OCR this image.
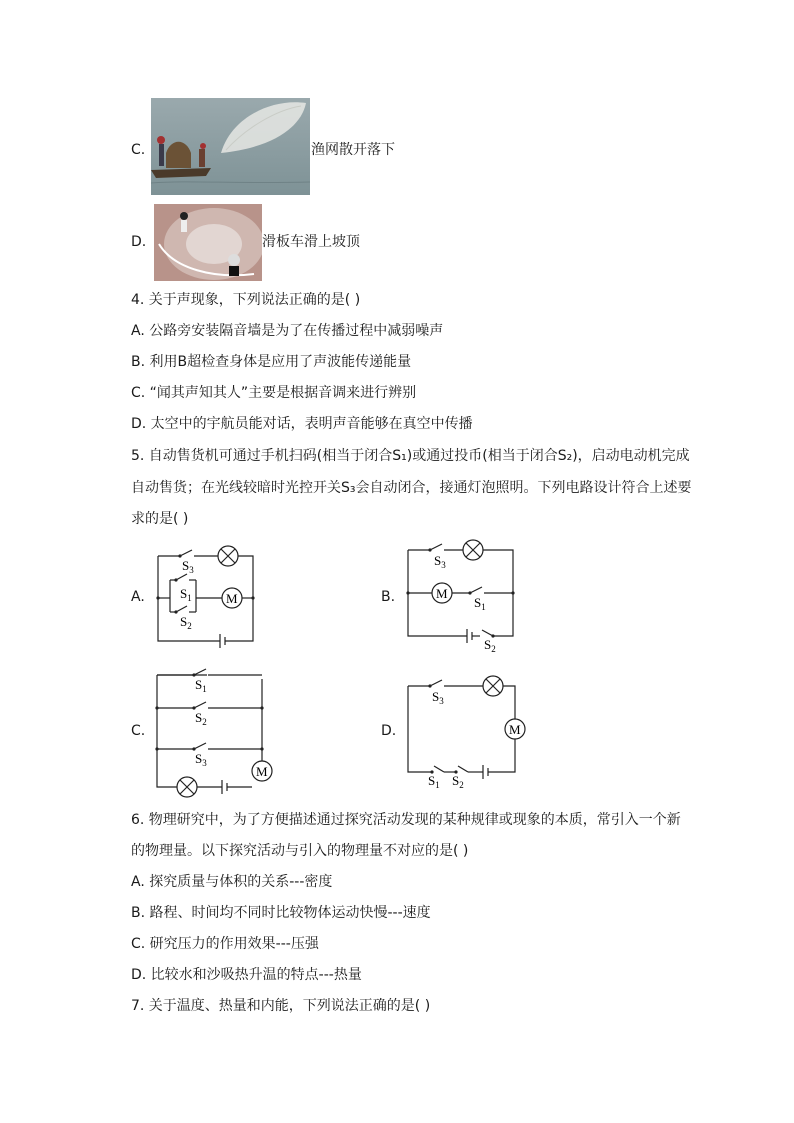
C.	渔网散开落下
D.	滑板车滑上坡顶
4. 关于声现象，下列说法正确的是( )
A. 公路旁安装隔音墙是为了在传播过程中减弱噪声
B. 利用B超检查身体是应用了声波能传递能量
C. “闻其声知其人”主要是根据音调来进行辨别
D. 太空中的宇航员能对话，表明声音能够在真空中传播
5. 自动售货机可通过手机扫码(相当于闭合S₁)或通过投币(相当于闭合S₂)，启动电动机完成
自动售货；在光线较暗时光控开关S₃会自动闭合，接通灯泡照明。下列电路设计符合上述要
求的是( )
A.	B.
C.	D.
$S_3$
$S_1$
$S_2$
M
$S_3$
M
$S_1$
$S_2$
$S_1$
$S_2$
$S_3$
M
$S_3$
M
$S_1$ $S_2$
6. 物理研究中，为了方便描述通过探究活动发现的某种规律或现象的本质，常引入一个新
的物理量。以下探究活动与引入的物理量不对应的是( )
A. 探究质量与体积的关系---密度
B. 路程、时间均不同时比较物体运动快慢---速度
C. 研究压力的作用效果---压强
D. 比较水和沙吸热升温的特点---热量
7. 关于温度、热量和内能，下列说法正确的是( )
